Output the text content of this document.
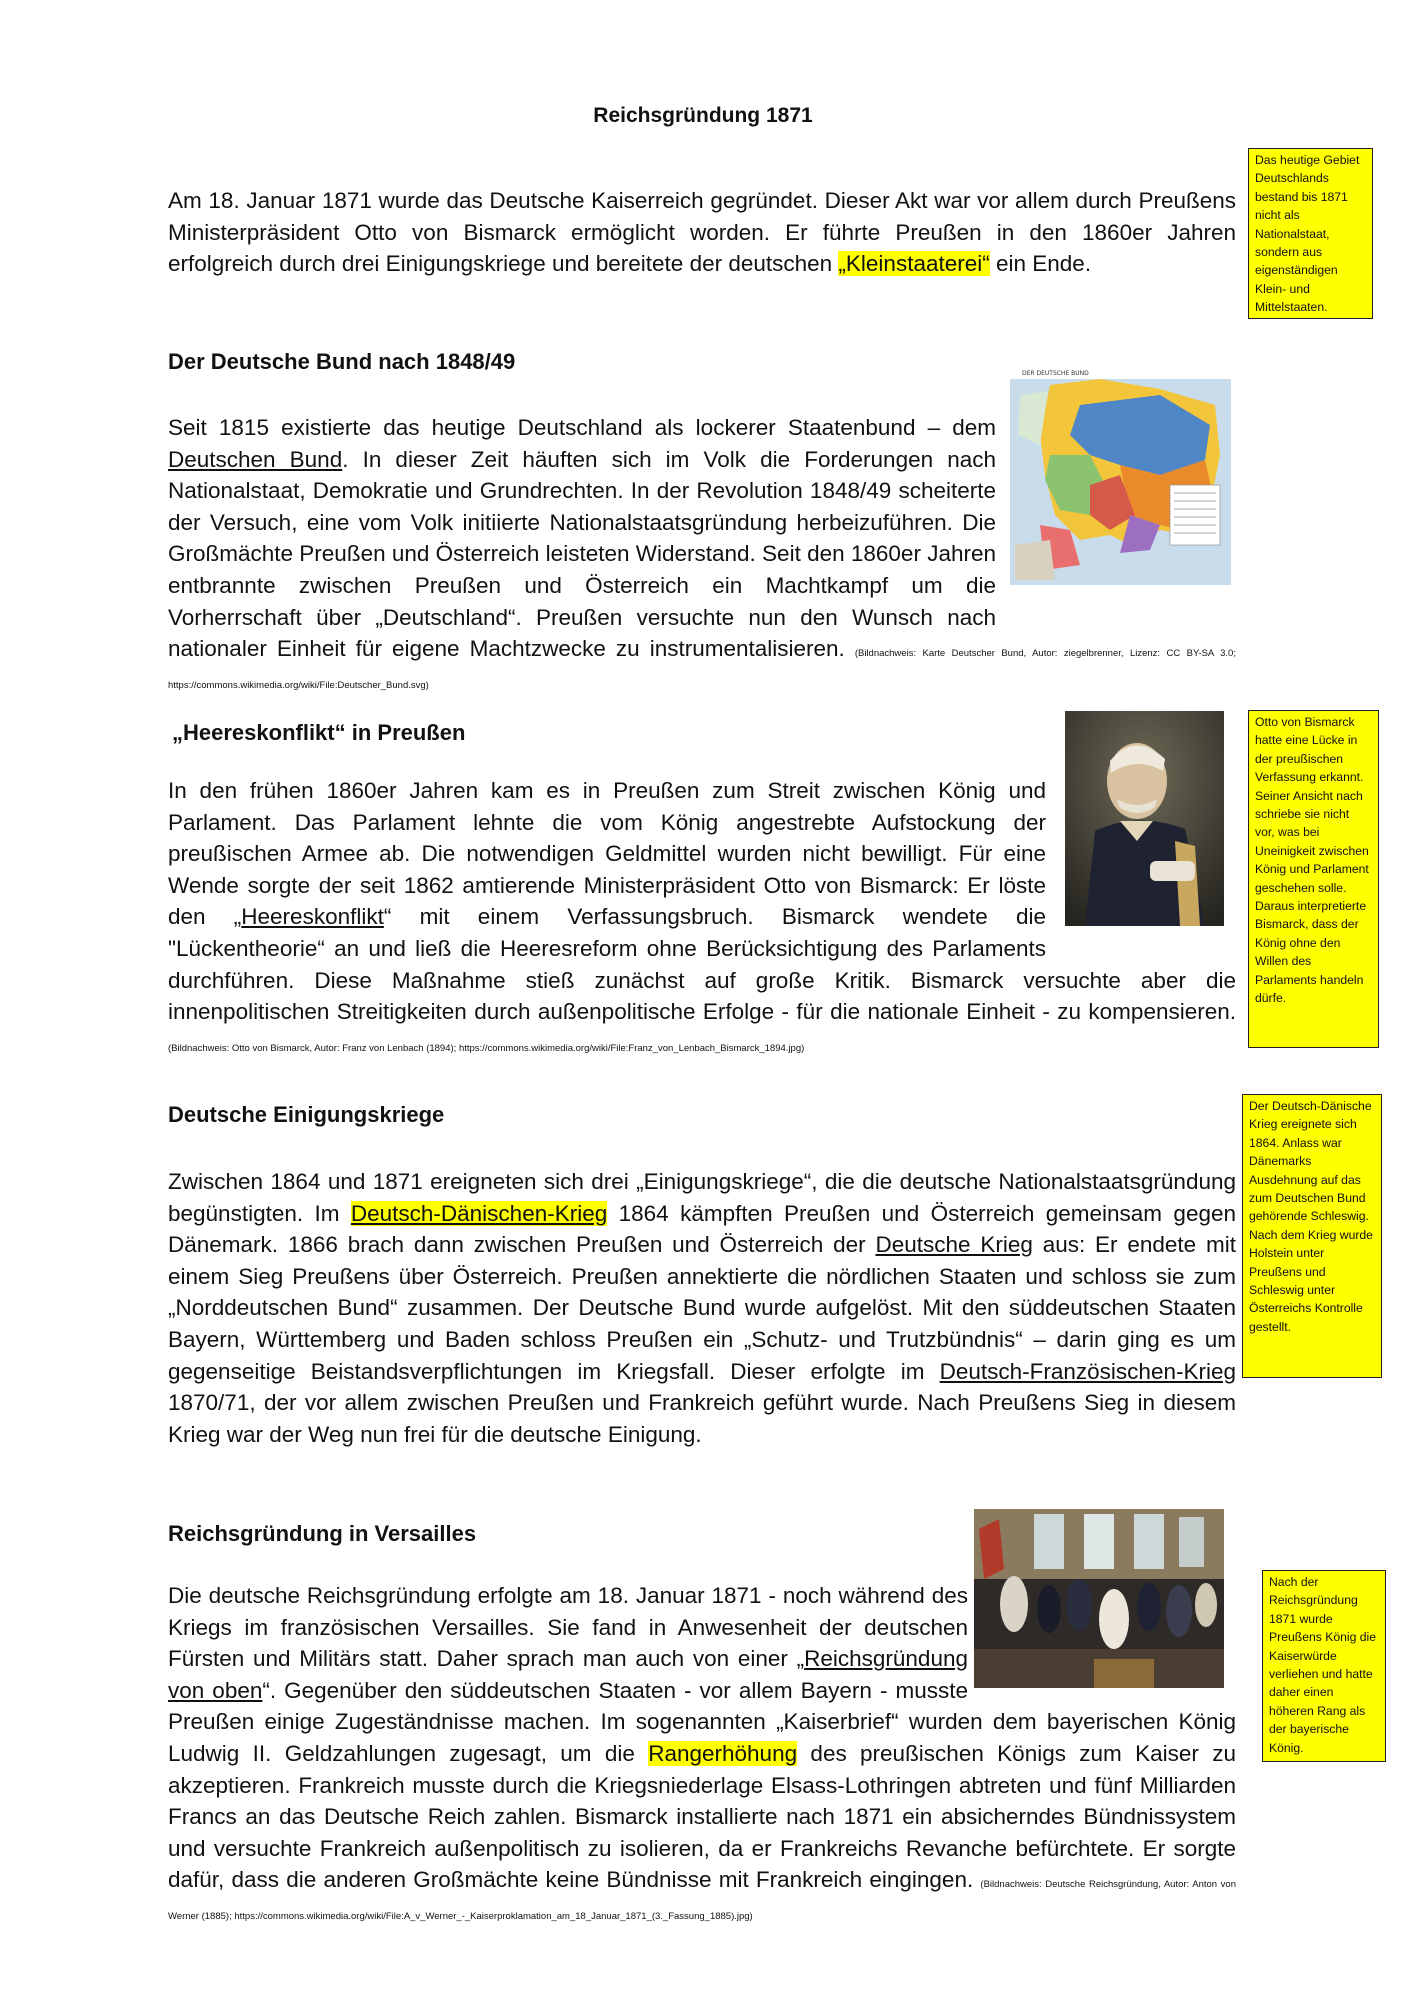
Reichsgründung 1871

Am 18. Januar 1871 wurde das Deutsche Kaiserreich gegründet. Dieser Akt war vor allem durch Preußens Ministerpräsident Otto von Bismarck ermöglicht worden. Er führte Preußen in den 1860er Jahren erfolgreich durch drei Einigungskriege und bereitete der deutschen „Kleinstaaterei“ ein Ende.

Das heutige Gebiet Deutschlands bestand bis 1871 nicht als Nationalstaat, sondern aus eigenständigen Klein- und Mittelstaaten.
Der Deutsche Bund nach 1848/49	DER DEUTSCHE BUND
Seit 1815 existierte das heutige Deutschland als lockerer Staatenbund – dem Deutschen Bund. In dieser Zeit häuften sich im Volk die Forderungen nach Nationalstaat, Demokratie und Grundrechten. In der Revolution 1848/49 scheiterte der Versuch, eine vom Volk initiierte Nationalstaatsgründung herbeizuführen. Die Großmächte Preußen und Österreich leisteten Widerstand. Seit den 1860er Jahren entbrannte zwischen Preußen und Österreich ein Machtkampf um die Vorherrschaft über „Deutschland“. Preußen versuchte nun den Wunsch nach nationaler Einheit für eigene Machtzwecke zu instrumentalisieren. (Bildnachweis: Karte Deutscher Bund, Autor: ziegelbrenner, Lizenz: CC BY-SA 3.0; https://commons.wikimedia.org/wiki/File:Deutscher_Bund.svg)
„Heereskonflikt“ in Preußen
In den frühen 1860er Jahren kam es in Preußen zum Streit zwischen König und Parlament. Das Parlament lehnte die vom König angestrebte Aufstockung der preußischen Armee ab. Die notwendigen Geldmittel wurden nicht bewilligt. Für eine Wende sorgte der seit 1862 amtierende Ministerpräsident Otto von Bismarck: Er löste den „Heereskonflikt“ mit einem Verfassungsbruch. Bismarck wendete die "Lückentheorie“ an und ließ die Heeresreform ohne Berücksichtigung des Parlaments durchführen. Diese Maßnahme stieß zunächst auf große Kritik. Bismarck versuchte aber die innenpolitischen Streitigkeiten durch außenpolitische Erfolge - für die nationale Einheit - zu kompensieren. (Bildnachweis: Otto von Bismarck, Autor: Franz von Lenbach (1894); https://commons.wikimedia.org/wiki/File:Franz_von_Lenbach_Bismarck_1894.jpg)
Otto von Bismarck hatte eine Lücke in der preußischen Verfassung erkannt. Seiner Ansicht nach schriebe sie nicht vor, was bei Uneinigkeit zwischen König und Parlament geschehen solle. Daraus interpretierte Bismarck, dass der König ohne den Willen des Parlaments handeln dürfe.
Deutsche Einigungskriege

Zwischen 1864 und 1871 ereigneten sich drei „Einigungskriege“, die die deutsche Nationalstaatsgründung begünstigten. Im Deutsch-Dänischen-Krieg 1864 kämpften Preußen und Österreich gemeinsam gegen Dänemark. 1866 brach dann zwischen Preußen und Österreich der Deutsche Krieg aus: Er endete mit einem Sieg Preußens über Österreich. Preußen annektierte die nördlichen Staaten und schloss sie zum „Norddeutschen Bund“ zusammen. Der Deutsche Bund wurde aufgelöst. Mit den süddeutschen Staaten Bayern, Württemberg und Baden schloss Preußen ein „Schutz- und Trutzbündnis“ – darin ging es um gegenseitige Beistandsverpflichtungen im Kriegsfall. Dieser erfolgte im Deutsch-Französischen-Krieg 1870/71, der vor allem zwischen Preußen und Frankreich geführt wurde. Nach Preußens Sieg in diesem Krieg war der Weg nun frei für die deutsche Einigung.

Der Deutsch-Dänische Krieg ereignete sich 1864. Anlass war Dänemarks Ausdehnung auf das zum Deutschen Bund gehörende Schleswig. Nach dem Krieg wurde Holstein unter Preußens und Schleswig unter Österreichs Kontrolle gestellt.
Reichsgründung in Versailles
Die deutsche Reichsgründung erfolgte am 18. Januar 1871 - noch während des Kriegs im französischen Versailles. Sie fand in Anwesenheit der deutschen Fürsten und Militärs statt. Daher sprach man auch von einer „Reichsgründung von oben“. Gegenüber den süddeutschen Staaten - vor allem Bayern - musste Preußen einige Zugeständnisse machen. Im sogenannten „Kaiserbrief“ wurden dem bayerischen König Ludwig II. Geldzahlungen zugesagt, um die Rangerhöhung des preußischen Königs zum Kaiser zu akzeptieren. Frankreich musste durch die Kriegsniederlage Elsass-Lothringen abtreten und fünf Milliarden Francs an das Deutsche Reich zahlen. Bismarck installierte nach 1871 ein absicherndes Bündnissystem und versuchte Frankreich außenpolitisch zu isolieren, da er Frankreichs Revanche befürchtete. Er sorgte dafür, dass die anderen Großmächte keine Bündnisse mit Frankreich eingingen. (Bildnachweis: Deutsche Reichsgründung, Autor: Anton von Werner (1885); https://commons.wikimedia.org/wiki/File:A_v_Werner_-_Kaiserproklamation_am_18_Januar_1871_(3._Fassung_1885).jpg)
Nach der Reichsgründung 1871 wurde Preußens König die Kaiserwürde verliehen und hatte daher einen höheren Rang als der bayerische König.
